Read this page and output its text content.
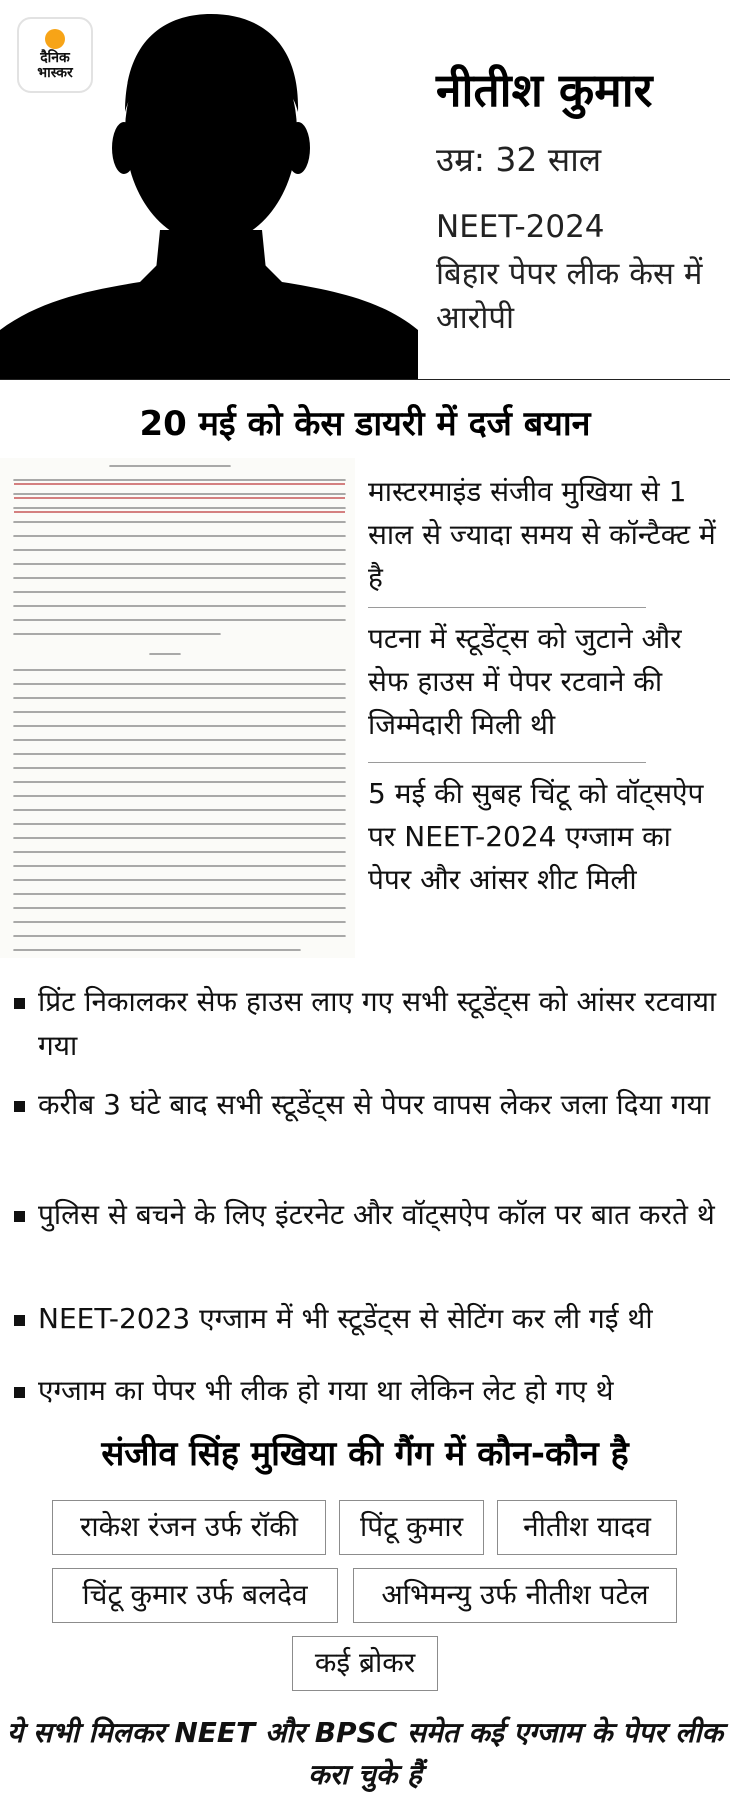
दैनिक
भास्कर	नीतीश कुमार
उम्र: 32 साल
NEET-2024
बिहार पेपर लीक केस में आरोपी
20 मई को केस डायरी में दर्ज बयान
मास्टरमाइंड संजीव मुखिया से 1 साल से ज्यादा समय से कॉन्टैक्ट में है
पटना में स्टूडेंट्स को जुटाने और सेफ हाउस में पेपर रटवाने की जिम्मेदारी मिली थी
5 मई की सुबह चिंटू को वॉट्सऐप पर NEET-2024 एग्जाम का पेपर और आंसर शीट मिली
प्रिंट निकालकर सेफ हाउस लाए गए सभी स्टूडेंट्स को आंसर रटवाया गया
करीब 3 घंटे बाद सभी स्टूडेंट्स से पेपर वापस लेकर जला दिया गया
पुलिस से बचने के लिए इंटरनेट और वॉट्सऐप कॉल पर बात करते थे
NEET-2023 एग्जाम में भी स्टूडेंट्स से सेटिंग कर ली गई थी
एग्जाम का पेपर भी लीक हो गया था लेकिन लेट हो गए थे
संजीव सिंह मुखिया की गैंग में कौन-कौन है
राकेश रंजन उर्फ रॉकी	पिंटू कुमार	नीतीश यादव
चिंटू कुमार उर्फ बलदेव	अभिमन्यु उर्फ नीतीश पटेल
कई ब्रोकर
ये सभी मिलकर NEET और BPSC समेत कई एग्जाम के पेपर लीक करा चुके हैं
